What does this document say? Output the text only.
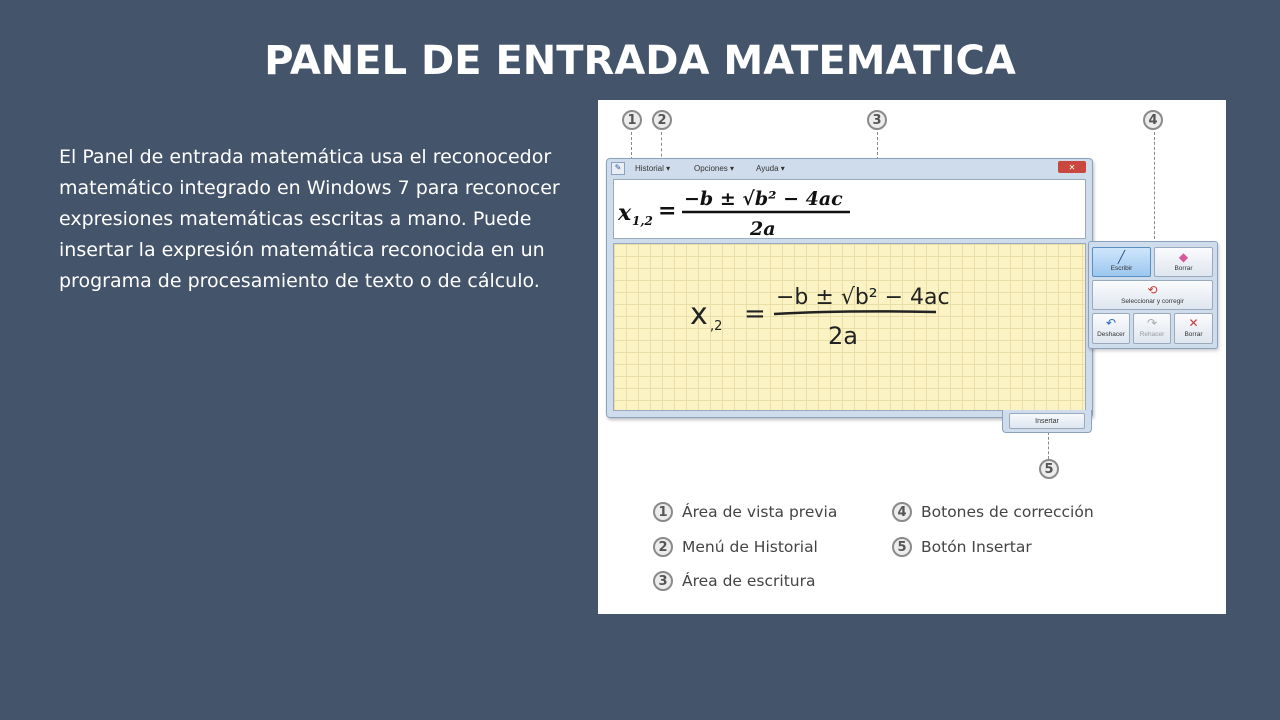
PANEL DE ENTRADA MATEMATICA
El Panel de entrada matemática usa el reconocedor matemático integrado en Windows 7 para reconocer expresiones matemáticas escritas a mano. Puede insertar la expresión matemática reconocida en un programa de procesamiento de texto o de cálculo.
1	2	3	4
5
✎	Historial ▾	Opciones ▾	Ayuda ▾	✕
x 1,2 = −b ± √b² − 4ac
2a
x ,2 =
−b ± √b² − 4ac
2a
Insertar
╱
Escribir
◆
Borrar
⟲
Seleccionar y corregir
↶
Deshacer
↷
Rehacer
✕
Borrar
1 Área de vista previa
2 Menú de Historial
3 Área de escritura
4 Botones de corrección
5 Botón Insertar
